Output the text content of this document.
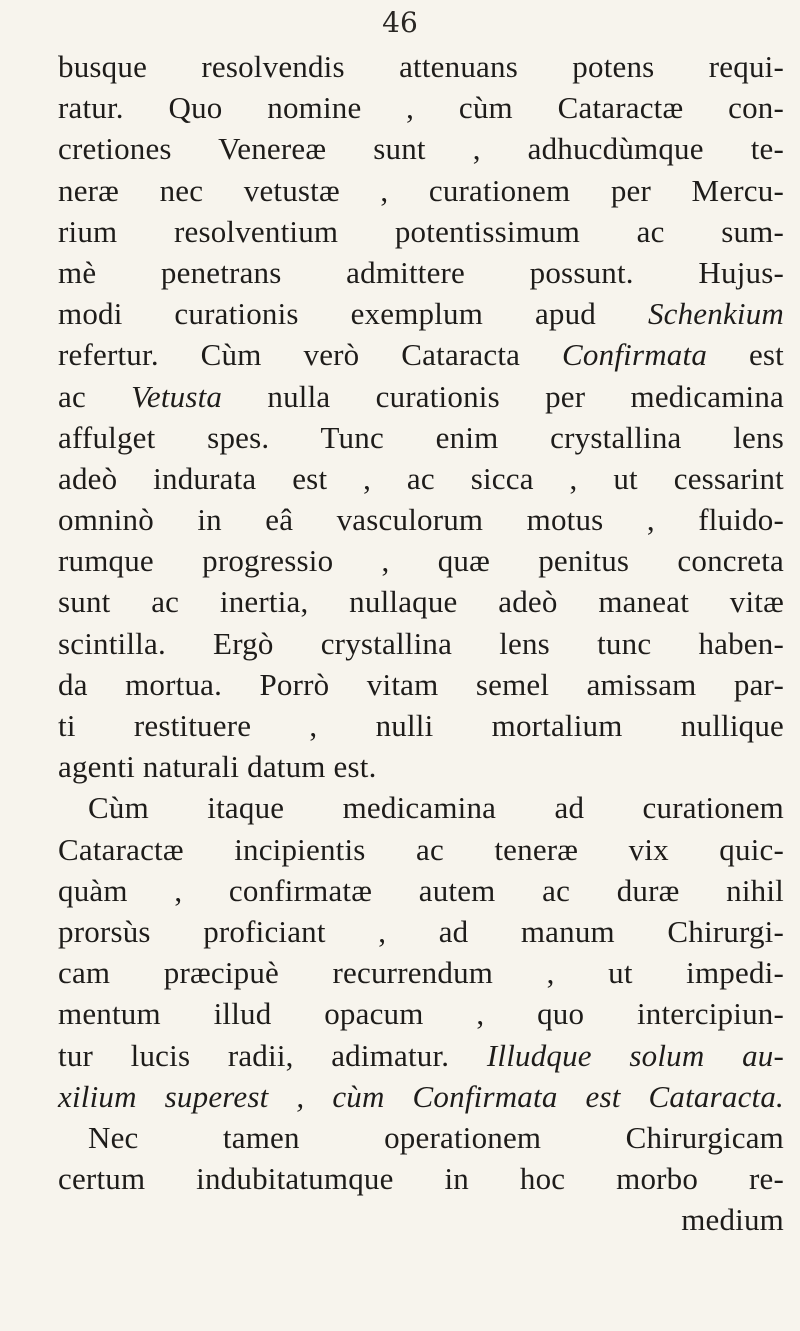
46
busque resolvendis attenuans potens requi-
ratur. Quo nomine , cùm Cataractæ con-
cretiones Venereæ sunt , adhucdùmque te-
neræ nec vetustæ , curationem per Mercu-
rium resolventium potentissimum ac sum-
mè penetrans admittere possunt. Hujus-
modi curationis exemplum apud Schenkium
refertur. Cùm verò Cataracta Confirmata est
ac Vetusta nulla curationis per medicamina
affulget spes. Tunc enim crystallina lens
adeò indurata est , ac sicca , ut cessarint
omninò in eâ vasculorum motus , fluido-
rumque progressio , quæ penitus concreta
sunt ac inertia, nullaque adeò maneat vitæ
scintilla. Ergò crystallina lens tunc haben-
da mortua. Porrò vitam semel amissam par-
ti restituere , nulli mortalium nullique
agenti naturali datum est.
Cùm itaque medicamina ad curationem
Cataractæ incipientis ac teneræ vix quic-
quàm , confirmatæ autem ac duræ nihil
prorsùs proficiant , ad manum Chirurgi-
cam præcipuè recurrendum , ut impedi-
mentum illud opacum , quo intercipiun-
tur lucis radii, adimatur. Illudque solum au-
xilium superest , cùm Confirmata est Cataracta.
Nec tamen operationem Chirurgicam
certum indubitatumque in hoc morbo re-
medium
